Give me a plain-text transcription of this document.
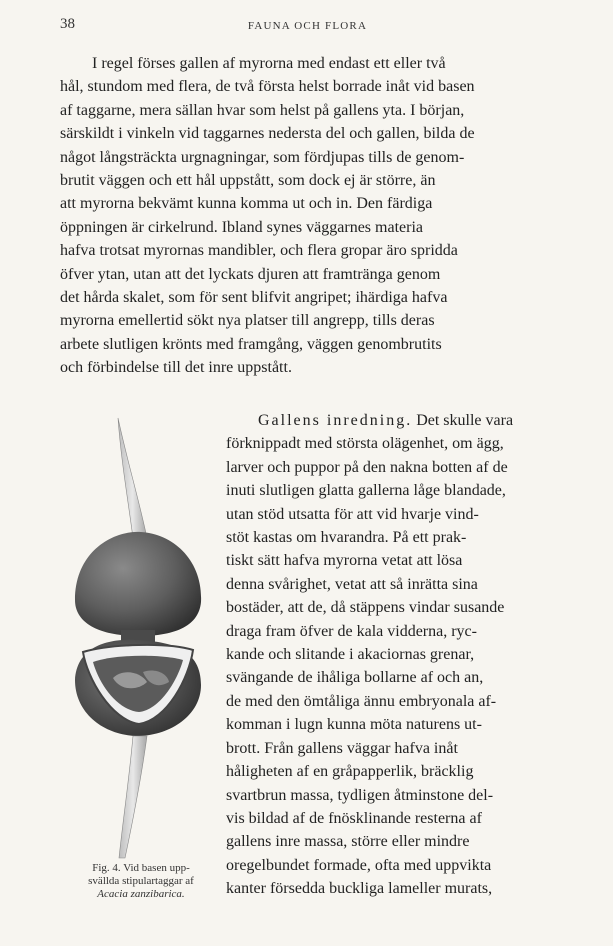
38	FAUNA OCH FLORA
I regel förses gallen af myrorna med endast ett eller två
hål, stundom med flera, de två första helst borrade inåt vid basen
af taggarne, mera sällan hvar som helst på gallens yta. I början,
särskildt i vinkeln vid taggarnes nedersta del och gallen, bilda de
något långsträckta urgnagningar, som fördjupas tills de genom-
brutit väggen och ett hål uppstått, som dock ej är större, än
att myrorna bekvämt kunna komma ut och in. Den färdiga
öppningen är cirkelrund. Ibland synes väggarnes materia
hafva trotsat myrornas mandibler, och flera gropar äro spridda
öfver ytan, utan att det lyckats djuren att framtränga genom
det hårda skalet, som för sent blifvit angripet; ihärdiga hafva
myrorna emellertid sökt nya platser till angrepp, tills deras
arbete slutligen krönts med framgång, väggen genombrutits
och förbindelse till det inre uppstått.
Fig. 4. Vid basen upp-
svällda stipulartaggar af
Acacia zanzibarica.
Gallens inredning. Det skulle vara
förknippadt med största olägenhet, om ägg,
larver och puppor på den nakna botten af de
inuti slutligen glatta gallerna låge blandade,
utan stöd utsatta för att vid hvarje vind-
stöt kastas om hvarandra. På ett prak-
tiskt sätt hafva myrorna vetat att lösa
denna svårighet, vetat att så inrätta sina
bostäder, att de, då stäppens vindar susande
draga fram öfver de kala vidderna, ryc-
kande och slitande i akaciornas grenar,
svängande de ihåliga bollarne af och an,
de med den ömtåliga ännu embryonala af-
komman i lugn kunna möta naturens ut-
brott. Från gallens väggar hafva inåt
håligheten af en gråpapperlik, bräcklig
svartbrun massa, tydligen åtminstone del-
vis bildad af de fnösklinande resterna af
gallens inre massa, större eller mindre
oregelbundet formade, ofta med uppvikta
kanter försedda buckliga lameller murats,
